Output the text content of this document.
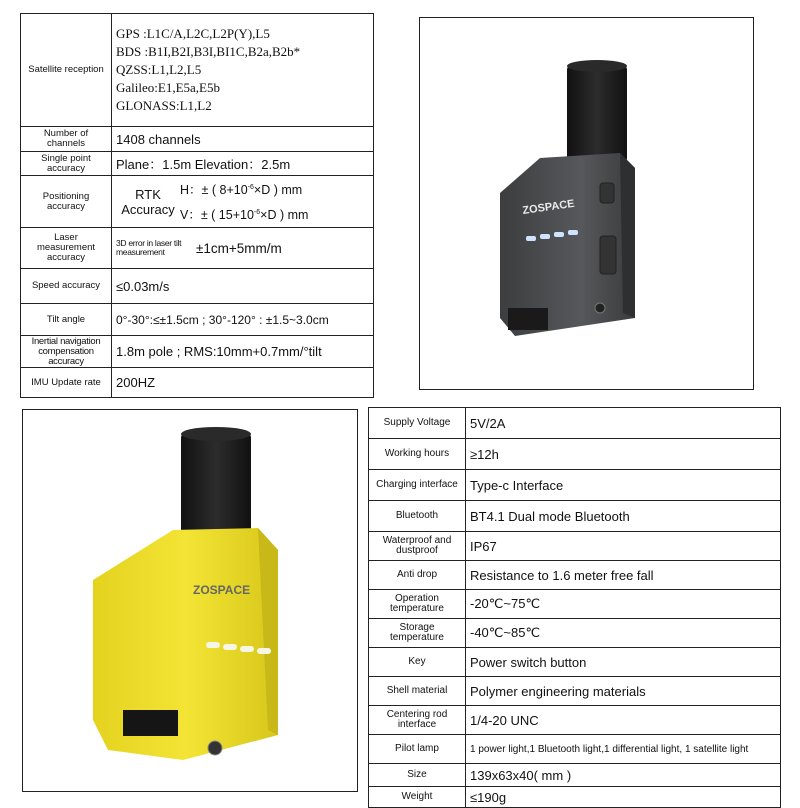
Satellite reception	GPS :L1C/A,L2C,L2P(Y),L5
BDS :B1I,B2I,B3I,BI1C,B2a,B2b*
QZSS:L1,L2,L5
Galileo:E1,E5a,E5b
GLONASS:L1,L2

Number of channels	1408 channels
Single point accuracy	Plane：1.5m Elevation：2.5m
Positioning accuracy	RTK Accuracy
H：± ( $8+10^{-6}\times D$ ) mm
V：± ( $15+10^{-6}\times D$ ) mm

Laser measurement accuracy	3D error in laser tilt measurement ±1cm+5mm/m

Speed accuracy	≤0.03m/s
Tilt angle	0°-30°:≤±1.5cm ; 30°-120° : ±1.5~3.0cm
Inertial navigation compensation accuracy	1.8m pole ; RMS:10mm+0.7mm/°tilt
IMU Update rate	200HZ
ZOSPACE
ZOSPACE
Supply Voltage	5V/2A
Working hours	≥12h
Charging interface	Type-c Interface
Bluetooth	BT4.1 Dual mode Bluetooth
Waterproof and dustproof	IP67
Anti drop	Resistance to 1.6 meter free fall
Operation temperature	-20℃~75℃
Storage temperature	-40℃~85℃
Key	Power switch button
Shell material	Polymer engineering materials
Centering rod interface	1/4-20 UNC
Pilot lamp	1 power light,1 Bluetooth light,1 differential light, 1 satellite light
Size	139x63x40( mm )
Weight	≤190g
